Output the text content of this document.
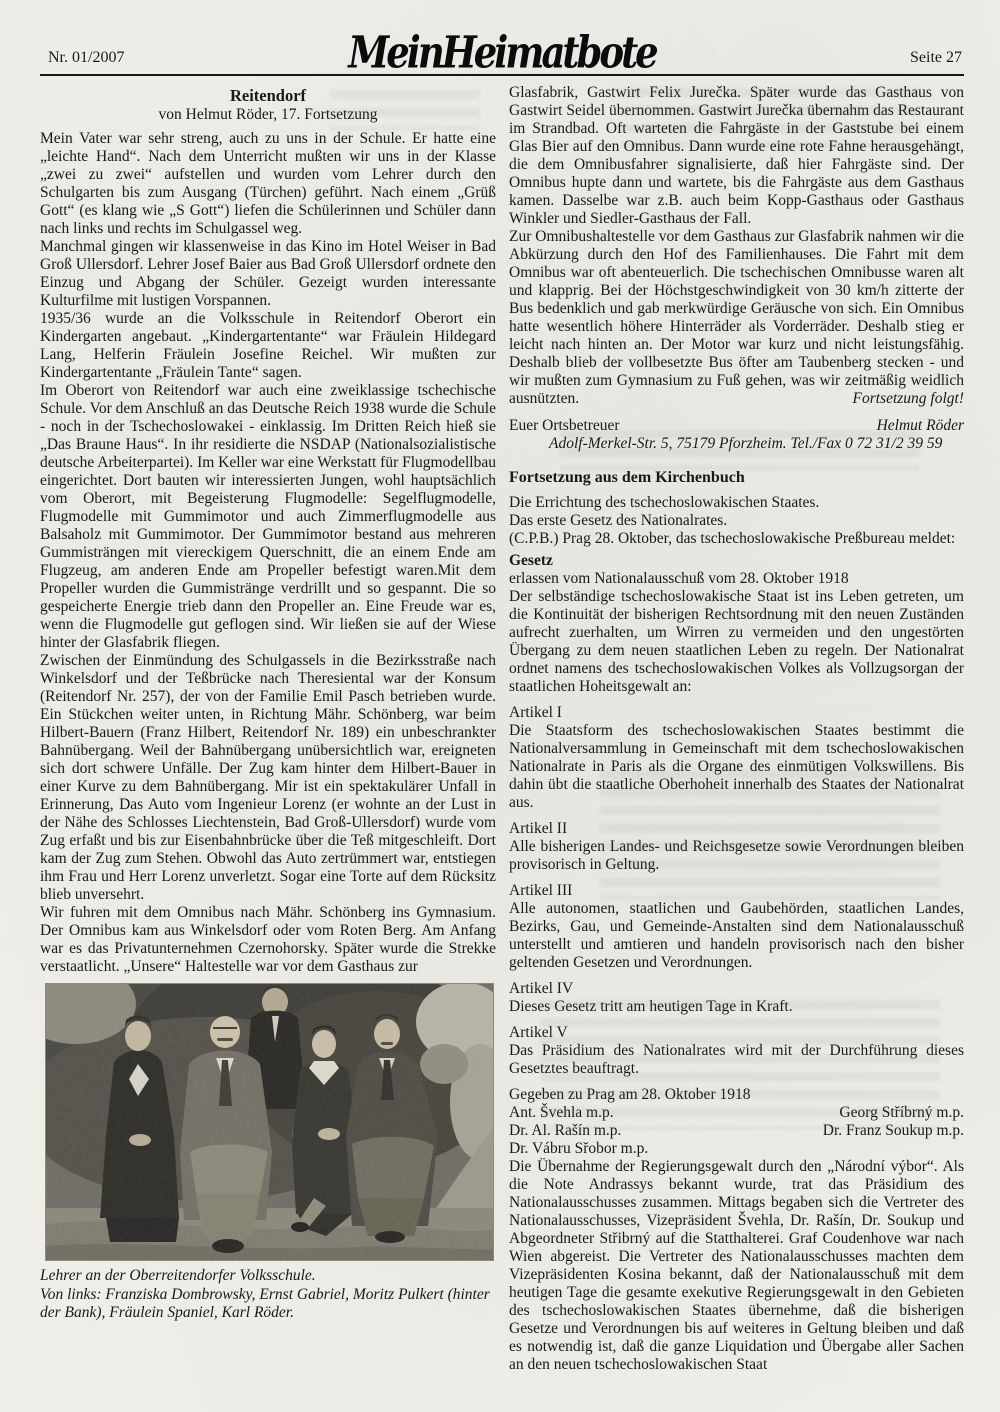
Nr. 01/2007	MeinHeimatbote	Seite 27

Reitendorf

von Helmut Röder, 17. Fortsetzung

Mein Vater war sehr streng, auch zu uns in der Schule. Er hatte eine „leichte Hand“. Nach dem Unterricht mußten wir uns in der Klasse „zwei zu zwei“ aufstellen und wurden vom Lehrer durch den Schulgarten bis zum Ausgang (Türchen) geführt. Nach einem „Grüß Gott“ (es klang wie „S Gott“) liefen die Schülerinnen und Schüler dann nach links und rechts im Schulgassel weg.

Manchmal gingen wir klassenweise in das Kino im Hotel Weiser in Bad Groß Ullersdorf. Lehrer Josef Baier aus Bad Groß Ullersdorf ordnete den Einzug und Abgang der Schüler. Gezeigt wurden interessante Kulturfilme mit lustigen Vorspannen.

1935/36 wurde an die Volksschule in Reitendorf Oberort ein Kindergarten angebaut. „Kindergartentante“ war Fräulein Hildegard Lang, Helferin Fräulein Josefine Reichel. Wir mußten zur Kindergartentante „Fräulein Tante“ sagen.

Im Oberort von Reitendorf war auch eine zweiklassige tschechische Schule. Vor dem Anschluß an das Deutsche Reich 1938 wurde die Schule - noch in der Tschechoslowakei - einklassig. Im Dritten Reich hieß sie „Das Braune Haus“. In ihr residierte die NSDAP (Nationalsozialistische deutsche Arbeiterpartei). Im Keller war eine Werkstatt für Flugmodellbau eingerichtet. Dort bauten wir interessierten Jungen, wohl hauptsächlich vom Oberort, mit Begeisterung Flugmodelle: Segelflugmodelle, Flugmodelle mit Gummimotor und auch Zimmerflugmodelle aus Balsaholz mit Gummimotor. Der Gummimotor bestand aus mehreren Gummisträngen mit viereckigem Querschnitt, die an einem Ende am Flugzeug, am anderen Ende am Propeller befestigt waren.Mit dem Propeller wurden die Gummistränge verdrillt und so gespannt. Die so gespeicherte Energie trieb dann den Propeller an. Eine Freude war es, wenn die Flugmodelle gut geflogen sind. Wir ließen sie auf der Wiese hinter der Glasfabrik fliegen.

Zwischen der Einmündung des Schulgassels in die Bezirksstraße nach Winkelsdorf und der Teßbrücke nach Theresiental war der Konsum (Reitendorf Nr. 257), der von der Familie Emil Pasch betrieben wurde. Ein Stückchen weiter unten, in Richtung Mähr. Schönberg, war beim Hilbert-Bauern (Franz Hilbert, Reitendorf Nr. 189) ein unbeschrankter Bahnübergang. Weil der Bahnübergang unübersichtlich war, ereigneten sich dort schwere Unfälle. Der Zug kam hinter dem Hilbert-Bauer in einer Kurve zu dem Bahnübergang. Mir ist ein spektakulärer Unfall in Erinnerung, Das Auto vom Ingenieur Lorenz (er wohnte an der Lust in der Nähe des Schlosses Liechtenstein, Bad Groß-Ullersdorf) wurde vom Zug erfaßt und bis zur Eisenbahnbrücke über die Teß mitgeschleift. Dort kam der Zug zum Stehen. Obwohl das Auto zertrümmert war, entstiegen ihm Frau und Herr Lorenz unverletzt. Sogar eine Torte auf dem Rücksitz blieb unversehrt.

Wir fuhren mit dem Omnibus nach Mähr. Schönberg ins Gymnasium. Der Omnibus kam aus Winkelsdorf oder vom Roten Berg. Am Anfang war es das Privatunternehmen Czernohorsky. Später wurde die Strekke verstaatlicht. „Unsere“ Haltestelle war vor dem Gasthaus zur

Lehrer an der Oberreitendorfer Volksschule.

Von links: Franziska Dombrowsky, Ernst Gabriel, Moritz Pulkert (hinter der Bank), Fräulein Spaniel, Karl Röder.

Glasfabrik, Gastwirt Felix Jurečka. Später wurde das Gasthaus von Gastwirt Seidel übernommen. Gastwirt Jurečka übernahm das Restaurant im Strandbad. Oft warteten die Fahrgäste in der Gaststube bei einem Glas Bier auf den Omnibus. Dann wurde eine rote Fahne herausgehängt, die dem Omnibusfahrer signalisierte, daß hier Fahrgäste sind. Der Omnibus hupte dann und wartete, bis die Fahrgäste aus dem Gasthaus kamen. Dasselbe war z.B. auch beim Kopp-Gasthaus oder Gasthaus Winkler und Siedler-Gasthaus der Fall.

Zur Omnibushaltestelle vor dem Gasthaus zur Glasfabrik nahmen wir die Abkürzung durch den Hof des Familienhauses. Die Fahrt mit dem Omnibus war oft abenteuerlich. Die tschechischen Omnibusse waren alt und klapprig. Bei der Höchstgeschwindigkeit von 30 km/h zitterte der Bus bedenklich und gab merkwürdige Geräusche von sich. Ein Omnibus hatte wesentlich höhere Hinterräder als Vorderräder. Deshalb stieg er leicht nach hinten an. Der Motor war kurz und nicht leistungsfähig. Deshalb blieb der vollbesetzte Bus öfter am Taubenberg stecken - und wir mußten zum Gymnasium zu Fuß gehen, was wir zeitmäßig weidlich ausnützten.	Fortsetzung folgt!

Euer Ortsbetreuer	Helmut Röder
Adolf-Merkel-Str. 5, 75179 Pforzheim. Tel./Fax 0 72 31/2 39 59

Fortsetzung aus dem Kirchenbuch

Die Errichtung des tschechoslowakischen Staates.

Das erste Gesetz des Nationalrates.

(C.P.B.) Prag 28. Oktober, das tschechoslowakische Preßbureau meldet:

Gesetz

erlassen vom Nationalausschuß vom 28. Oktober 1918

Der selbständige tschechoslowakische Staat ist ins Leben getreten, um die Kontinuität der bisherigen Rechtsordnung mit den neuen Zuständen aufrecht zuerhalten, um Wirren zu vermeiden und den ungestörten Übergang zu dem neuen staatlichen Leben zu regeln. Der Nationalrat ordnet namens des tschechoslowakischen Volkes als Vollzugsorgan der staatlichen Hoheitsgewalt an:

Artikel I

Die Staatsform des tschechoslowakischen Staates bestimmt die Nationalversammlung in Gemeinschaft mit dem tschechoslowakischen Nationalrate in Paris als die Organe des einmütigen Volkswillens. Bis dahin übt die staatliche Oberhoheit innerhalb des Staates der Nationalrat aus.

Artikel II

Alle bisherigen Landes- und Reichsgesetze sowie Verordnungen bleiben provisorisch in Geltung.

Artikel III

Alle autonomen, staatlichen und Gaubehörden, staatlichen Landes, Bezirks, Gau, und Gemeinde-Anstalten sind dem Nationalausschuß unterstellt und amtieren und handeln provisorisch nach den bisher geltenden Gesetzen und Verordnungen.

Artikel IV

Dieses Gesetz tritt am heutigen Tage in Kraft.

Artikel V

Das Präsidium des Nationalrates wird mit der Durchführung dieses Gesetztes beauftragt.

Gegeben zu Prag am 28. Oktober 1918

Ant. Švehla m.p.	Georg Stříbrný m.p.
Dr. Al. Rašín m.p.	Dr. Franz Soukup m.p.
Dr. Vábru Sřobor m.p.

Die Übernahme der Regierungsgewalt durch den „Národní výbor“. Als die Note Andrassys bekannt wurde, trat das Präsidium des Nationalausschusses zusammen. Mittags begaben sich die Vertreter des Nationalausschusses, Vizepräsident Švehla, Dr. Rašín, Dr. Soukup und Abgeordneter Střibrný auf die Statthalterei. Graf Coudenhove war nach Wien abgereist. Die Vertreter des Nationalausschusses machten dem Vizepräsidenten Kosina bekannt, daß der Nationalausschuß mit dem heutigen Tage die gesamte exekutive Regierungsgewalt in den Gebieten des tschechoslowakischen Staates übernehme, daß die bisherigen Gesetze und Verordnungen bis auf weiteres in Geltung bleiben und daß es notwendig ist, daß die ganze Liquidation und Übergabe aller Sachen an den neuen tschechoslowakischen Staat
